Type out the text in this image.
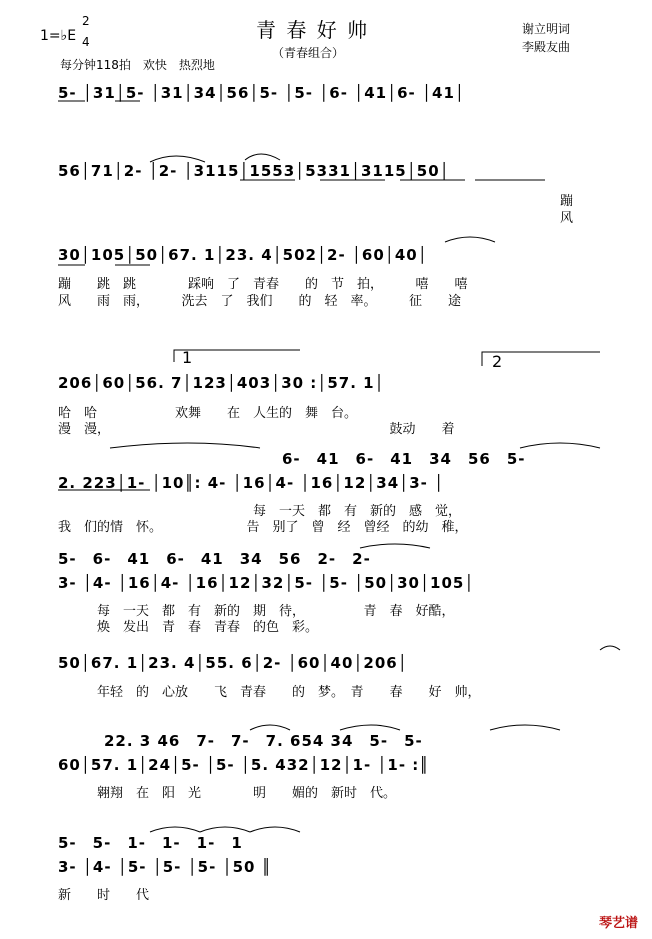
1=♭E
2
4	青 春 好 帅
（青春组合）
每分钟118拍　欢快　热烈地
谢立明词
李殿友曲
5- │31│5- │31│34│56│5- │5- │6- │41│6- │41│
56│71│2- │2- │3115│1553│5331│3115│50│
蹦
风
30│105│50│67. 1│23. 4│502│2- │60│40│
蹦　　跳　跳　　　　踩响　了　青春　　的　节　拍，　　　嘻　　嘻
风　　雨　雨，　　　洗去　了　我们　　的　轻　率。　　　征　　途
1	2
206│60│56. 7│123│403│30 :│57. 1│
哈　哈　　　　　　欢舞　　在　人生的　舞　台。
漫　漫，　　　　　　　　　　　　　　　　　　　　　　鼓动　　着
6-　41　6-　41　34　56　5-
2. 223│1- │10║: 4- │16│4- │16│12│34│3- │
　　　　　　　　　　　　　　　每　一天　都　有　新的　感　觉，
我　们的情　怀。　　　　　　　告　别了　曾　经　曾经　的幼　稚，
5-　6-　41　6-　41　34　56　2-　2-
3- │4- │16│4- │16│12│32│5- │5- │50│30│105│
　　　每　一天　都　有　新的　期　待，　　　　　青　春　好酷，
　　　焕　发出　青　春　青春　的色　彩。
50│67. 1│23. 4│55. 6│2- │60│40│206│
　　　年轻　的　心放　　飞　青春　　的　梦。　青　　春　　好　帅，
22. 3 46　7-　7-　7. 654 34　5-　5-
60│57. 1│24│5- │5- │5. 432│12│1- │1- :║
　　　翱翔　在　阳　光　　　　明　　媚的　新时　代。
5-　5-　1-　1-　1-　1
3- │4- │5- │5- │5- │50 ║
新　　时　　代
琴艺谱
